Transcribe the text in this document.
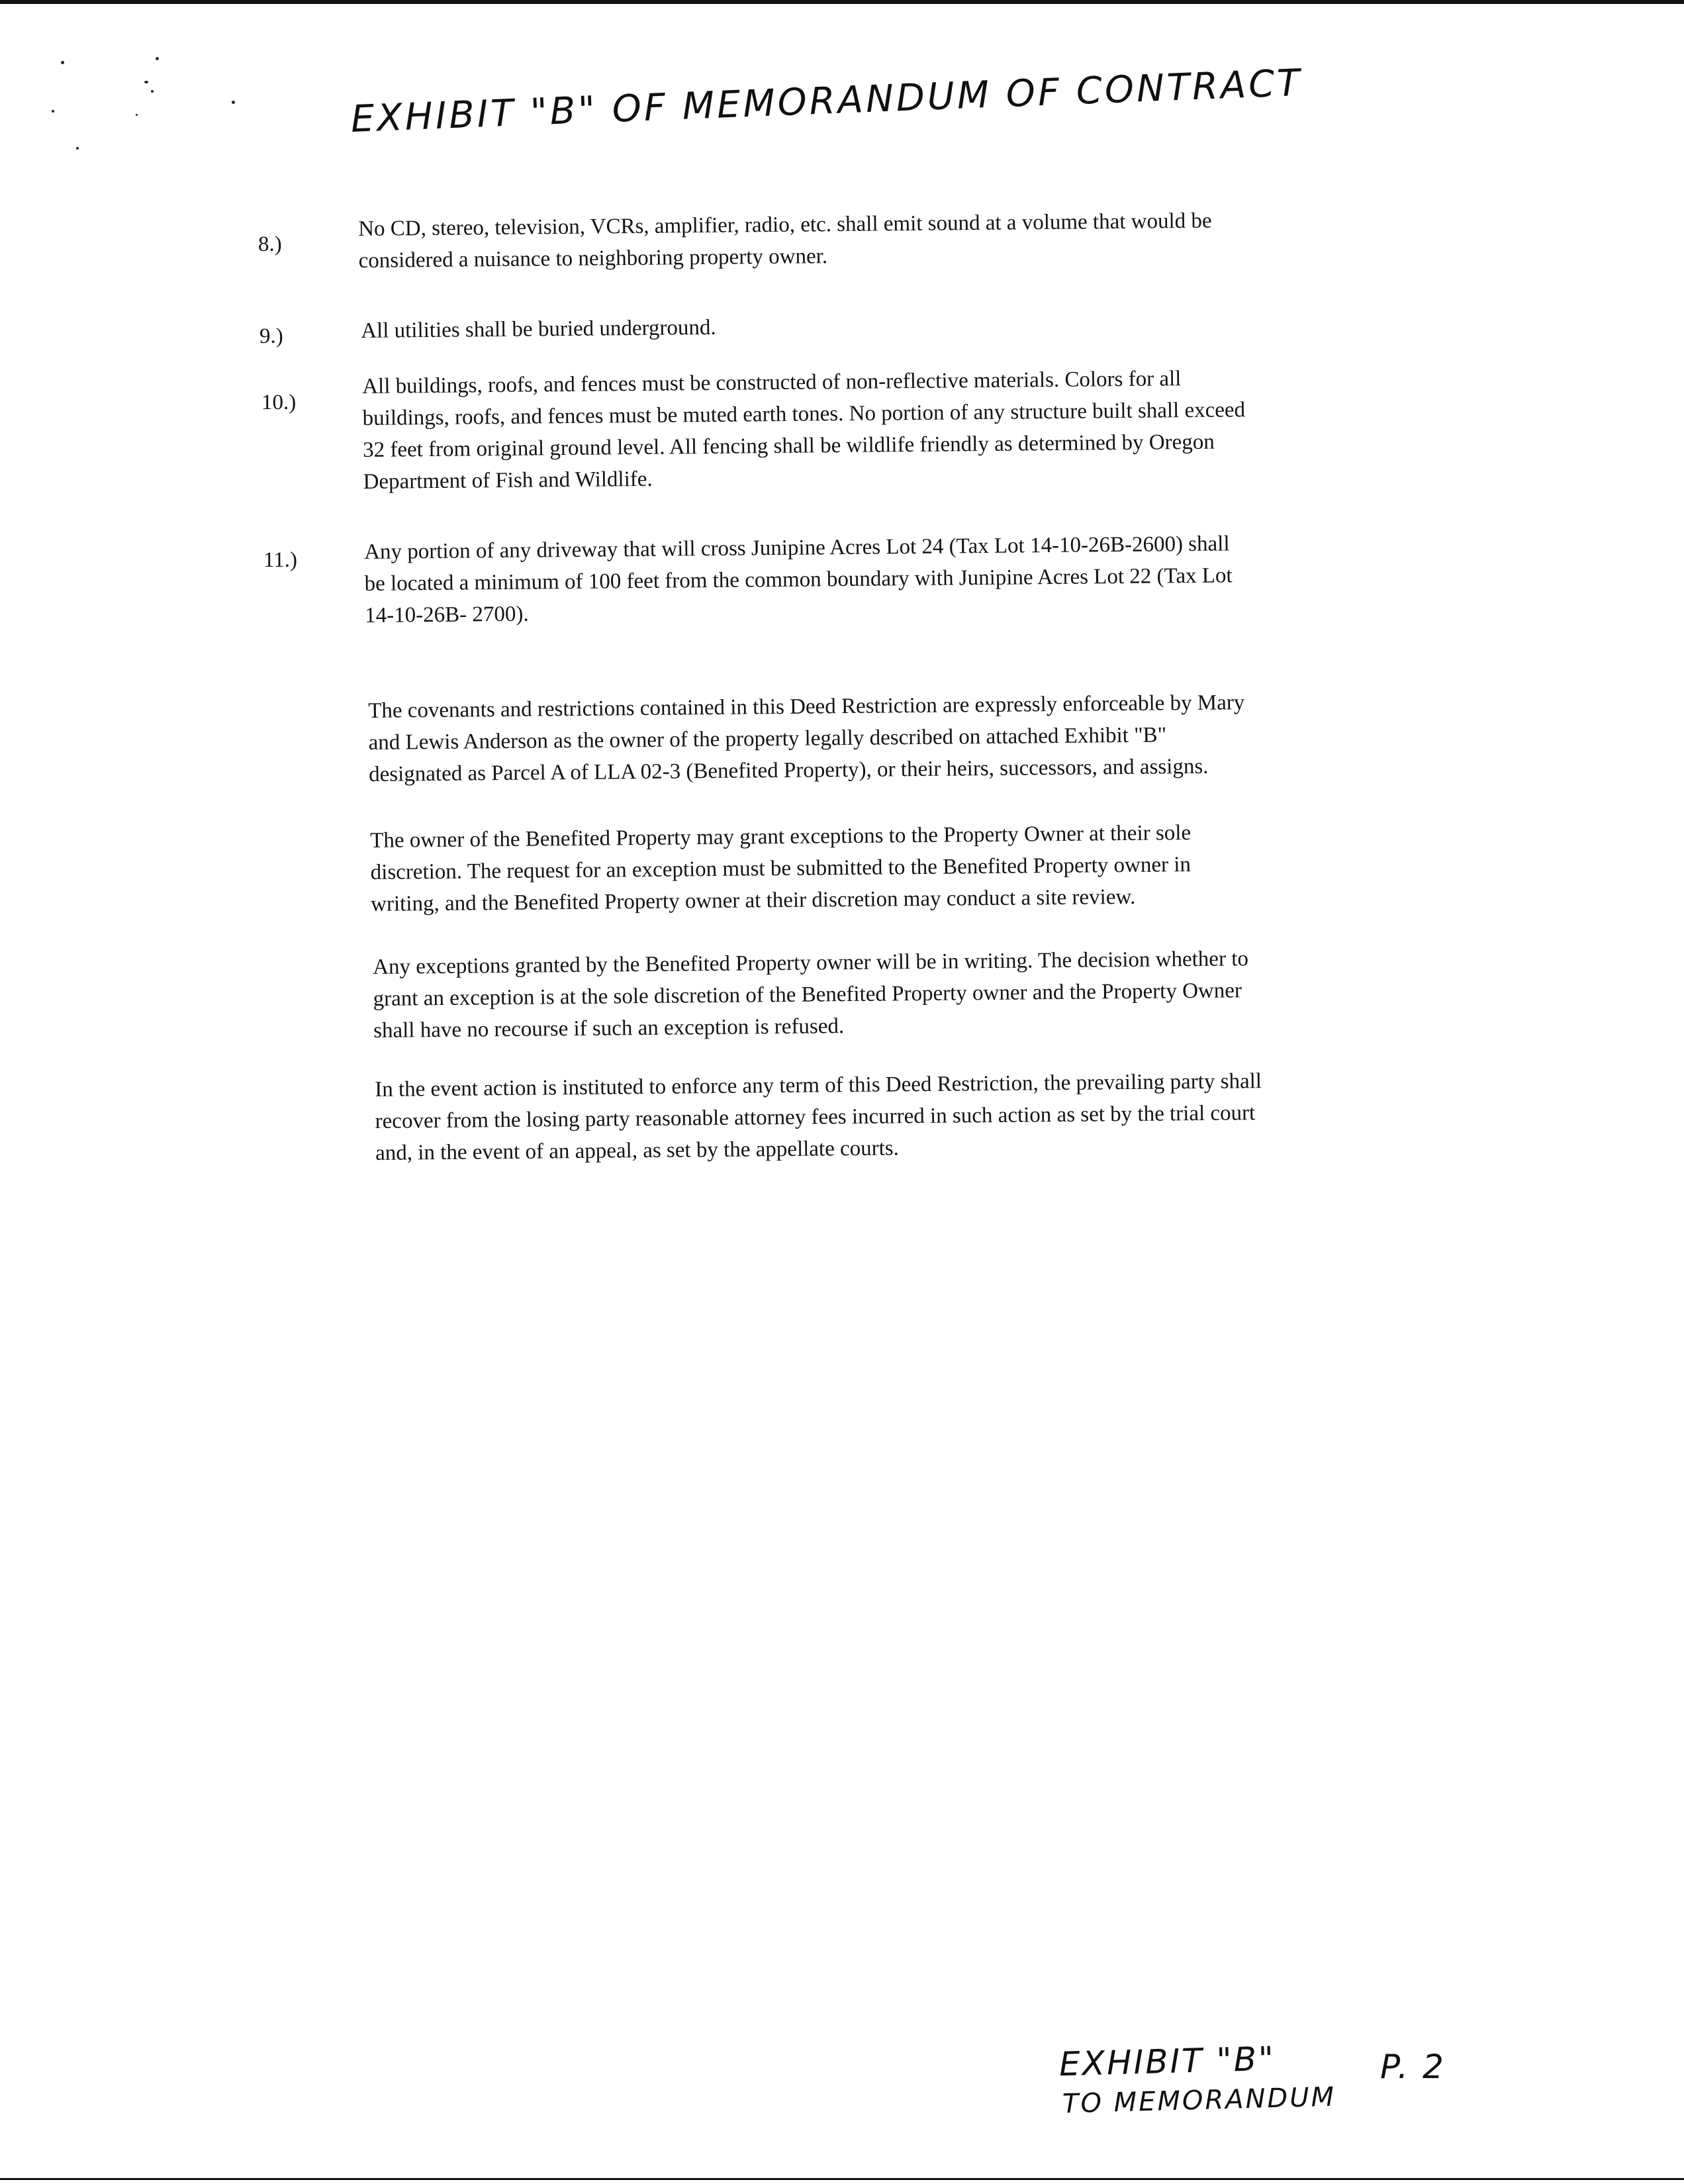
EXHIBIT "B" OF MEMORANDUM OF CONTRACT
8.)

No CD, stereo, television, VCRs, amplifier, radio, etc. shall emit sound at a volume that would be

considered a nuisance to neighboring property owner.

9.)	All utilities shall be buried underground.

10.)

All buildings, roofs, and fences must be constructed of non-reflective materials. Colors for all

buildings, roofs, and fences must be muted earth tones. No portion of any structure built shall exceed

32 feet from original ground level. All fencing shall be wildlife friendly as determined by Oregon

Department of Fish and Wildlife.

11.)	Any portion of any driveway that will cross Junipine Acres Lot 24 (Tax Lot 14-10-26B-2600) shall

be located a minimum of 100 feet from the common boundary with Junipine Acres Lot 22 (Tax Lot

14-10-26B- 2700).

The covenants and restrictions contained in this Deed Restriction are expressly enforceable by Mary

and Lewis Anderson as the owner of the property legally described on attached Exhibit "B"

designated as Parcel A of LLA 02-3 (Benefited Property), or their heirs, successors, and assigns.

The owner of the Benefited Property may grant exceptions to the Property Owner at their sole

discretion. The request for an exception must be submitted to the Benefited Property owner in

writing, and the Benefited Property owner at their discretion may conduct a site review.

Any exceptions granted by the Benefited Property owner will be in writing. The decision whether to

grant an exception is at the sole discretion of the Benefited Property owner and the Property Owner

shall have no recourse if such an exception is refused.

In the event action is instituted to enforce any term of this Deed Restriction, the prevailing party shall

recover from the losing party reasonable attorney fees incurred in such action as set by the trial court

and, in the event of an appeal, as set by the appellate courts.

EXHIBIT "B"	P. 2
TO MEMORANDUM
